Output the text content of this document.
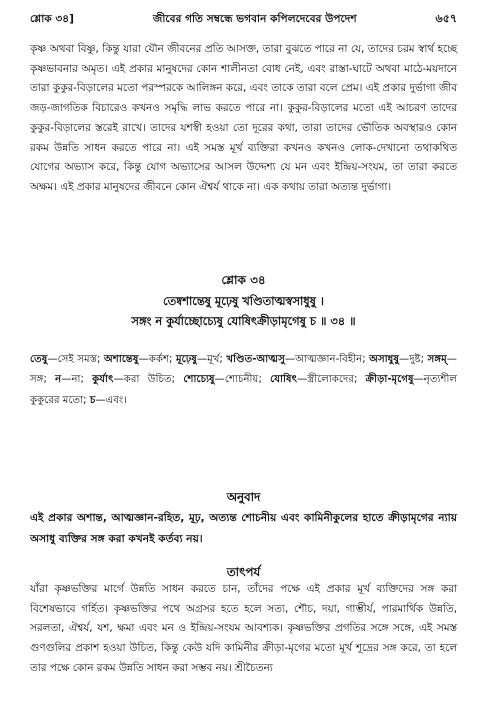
শ্লোক ৩৪]	জীবের গতি সম্বন্ধে ভগবান কপিলদেবের উপদেশ	৬৫৭
কৃষ্ণ অথবা বিষ্ণু, কিন্তু যারা যৌন জীবনের প্রতি আসক্ত, তারা বুঝতে পারে না যে, তাদের চরম স্বার্থ হচ্ছে কৃষ্ণভাবনার অমৃত। এই প্রকার মানুষদের কোন শালীনতা বোধ নেই, এবং রাস্তা-ঘাটে অথবা মাঠে-ময়দানে তারা কুকুর-বিড়ালের মতো পরস্পরকে আলিঙ্গন করে, এবং তাকে তারা বলে প্রেম। এই প্রকার দুর্ভাগা জীব জড়-জাগতিক বিচারেও কখনও সমৃদ্ধি লাভ করতে পারে না। কুকুর-বিড়ালের মতো এই আচরণ তাদের কুকুর-বিড়ালের স্তরেই রাখে। তাদের যশস্বী হওয়া তো দূরের কথা, তারা তাদের ভৌতিক অবস্থারও কোন রকম উন্নতি সাধন করতে পারে না। এই সমস্ত মূর্খ ব্যক্তিরা কখনও কখনও লোক-দেখানো তথাকথিত যোগের অভ্যাস করে, কিন্তু যোগ অভ্যাসের আসল উদ্দেশ্য যে মন এবং ইন্দ্রিয়-সংযম, তা তারা করতে অক্ষম। এই প্রকার মানুষদের জীবনে কোন ঐশ্বর্য থাকে না। এক কথায় তারা অত্যন্ত দুর্ভাগা।
শ্লোক ৩৪
তেষ্বশান্তেষু মূঢ়েষু খণ্ডিতাত্মস্বসাধুষু ।
সঙ্গং ন কুর্যাচ্ছোচ্যেষু যোষিৎক্রীড়ামৃগেষু চ ॥ ৩৪ ॥
তেষু—সেই সমস্ত; অশান্তেষু—কর্কশ; মূঢ়েষু—মূর্খ; খণ্ডিত-আত্মসু—আত্মজ্ঞান-বিহীন; অসাধুষু—দুষ্ট; সঙ্গম্—সঙ্গ; ন—না; কুর্যাৎ—করা উচিত; শোচ্যেষু—শোচনীয়; যোষিৎ—স্ত্রীলোকদের; ক্রীড়া-মৃগেষু—নৃত্যশীল কুকুরের মতো; চ—এবং।
অনুবাদ
এই প্রকার অশান্ত, আত্মজ্ঞান-রহিত, মূঢ়, অত্যন্ত শোচনীয় এবং কামিনীকুলের হাতে ক্রীড়ামৃগের ন্যায় অসাধু ব্যক্তির সঙ্গ করা কখনই কর্তব্য নয়।
তাৎপর্য
যাঁরা কৃষ্ণভক্তির মার্গে উন্নতি সাধন করতে চান, তাঁদের পক্ষে এই প্রকার মূর্খ ব্যক্তিদের সঙ্গ করা বিশেষভাবে গর্হিত। কৃষ্ণভক্তির পথে অগ্রসর হতে হলে সত্য, শৌচ, দয়া, গাম্ভীর্য, পারমার্থিক উন্নতি, সরলতা, ঐশ্বর্য, যশ, ক্ষমা এবং মন ও ইন্দ্রিয়-সংযম আবশ্যক। কৃষ্ণভক্তির প্রগতির সঙ্গে সঙ্গে, এই সমস্ত গুণগুলির প্রকাশ হওয়া উচিত, কিন্তু কেউ যদি কামিনীর ক্রীড়া-মৃগের মতো মূর্খ শূদ্রের সঙ্গ করে, তা হলে তার পক্ষে কোন রকম উন্নতি সাধন করা সম্ভব নয়। শ্রীচৈতন্য
